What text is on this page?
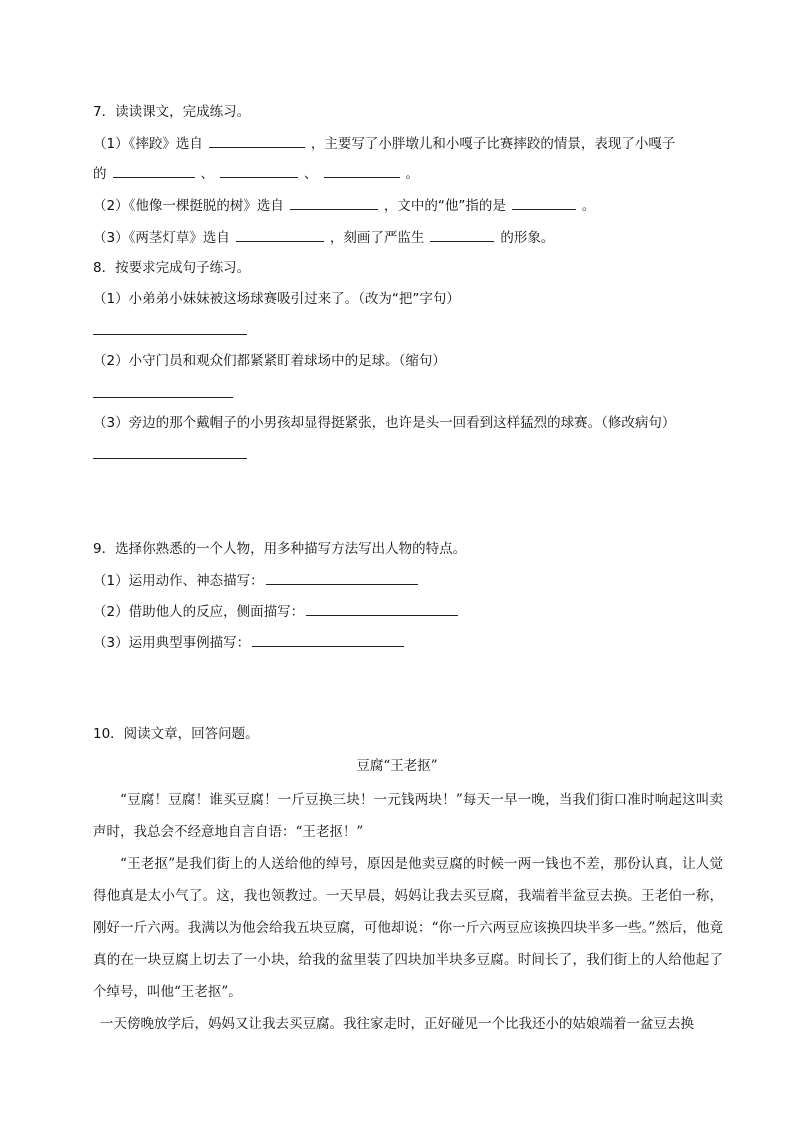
7．读读课文，完成练习。
（1）《摔跤》选自	，主要写了小胖墩儿和小嘎子比赛摔跤的情景，表现了小嘎子
的	、	、	。
（2）《他像一棵挺脱的树》选自	，文中的“他”指的是	。
（3）《两茎灯草》选自	，刻画了严监生	的形象。
8．按要求完成句子练习。
（1）小弟弟小妹妹被这场球赛吸引过来了。（改为“把”字句）
（2）小守门员和观众们都紧紧盯着球场中的足球。（缩句）
（3）旁边的那个戴帽子的小男孩却显得挺紧张，也许是头一回看到这样猛烈的球赛。（修改病句）
9．选择你熟悉的一个人物，用多种描写方法写出人物的特点。
（1）运用动作、神态描写：
（2）借助他人的反应，侧面描写：
（3）运用典型事例描写：
10．阅读文章，回答问题。
豆腐“王老抠”

“豆腐！豆腐！谁买豆腐！一斤豆换三块！一元钱两块！”每天一早一晚，当我们街口准时响起这叫卖声时，我总会不经意地自言自语：“王老抠！”

“王老抠”是我们街上的人送给他的绰号，原因是他卖豆腐的时候一两一钱也不差，那份认真，让人觉得他真是太小气了。这，我也领教过。一天早晨，妈妈让我去买豆腐，我端着半盆豆去换。王老伯一称，刚好一斤六两。我满以为他会给我五块豆腐，可他却说：“你一斤六两豆应该换四块半多一些。”然后，他竟真的在一块豆腐上切去了一小块，给我的盆里装了四块加半块多豆腐。时间长了，我们街上的人给他起了个绰号，叫他“王老抠”。

一天傍晚放学后，妈妈又让我去买豆腐。我往家走时，正好碰见一个比我还小的姑娘端着一盆豆去换
